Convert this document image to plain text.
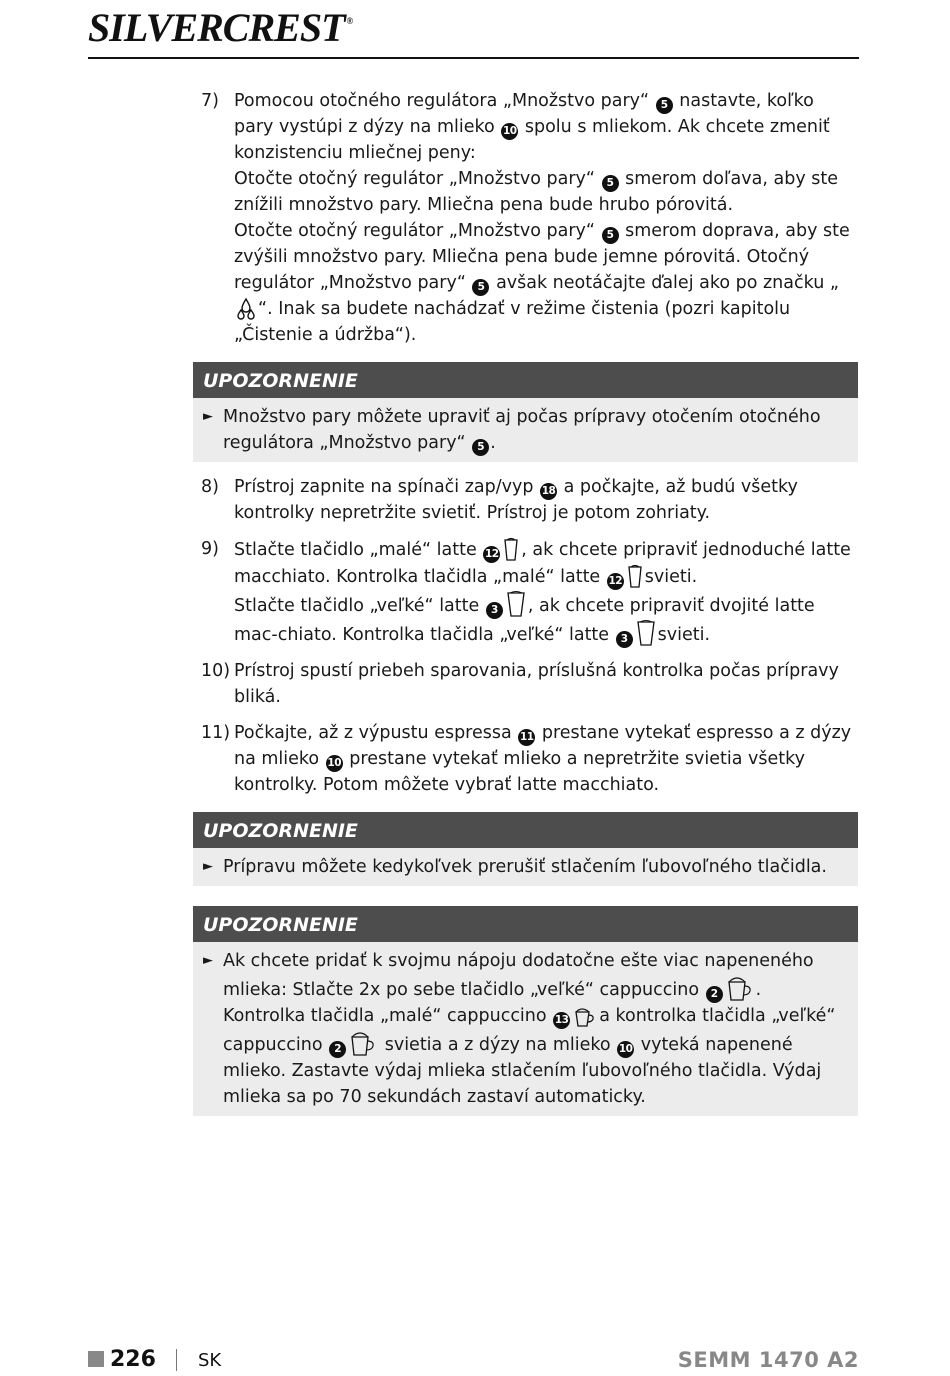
SILVERCREST ®
7) Pomocou otočného regulátora „Množstvo pary“ 5 nastavte, koľko pary vystúpi z dýzy na mlieko 10 spolu s mliekom. Ak chcete zmeniť konzistenciu mliečnej peny:
Otočte otočný regulátor „Množstvo pary“ 5 smerom doľava, aby ste znížili množstvo pary. Mliečna pena bude hrubo pórovitá.
Otočte otočný regulátor „Množstvo pary“ 5 smerom doprava, aby ste zvýšili množstvo pary. Mliečna pena bude jemne pórovitá. Otočný regulátor „Množstvo pary“ 5 avšak neotáčajte ďalej ako po značku „“. Inak sa budete nachádzať v režime čistenia (pozri kapitolu „Čistenie a údržba“).

UPOZORNENIE
► Množstvo pary môžete upraviť aj počas prípravy otočením otočného regulátora „Množstvo pary“ 5 .
8) Prístroj zapnite na spínači zap/vyp 18 a počkajte, až budú všetky kontrolky nepretržite svietiť. Prístroj je potom zohriaty.

9) Stlačte tlačidlo „malé“ latte 12 , ak chcete pripraviť jednoduché latte macchiato. Kontrolka tlačidla „malé“ latte 12 svieti.
Stlačte tlačidlo „veľké“ latte 3 , ak chcete pripraviť dvojité latte mac-chiato. Kontrolka tlačidla „veľké“ latte 3 svieti.

10) Prístroj spustí priebeh sparovania, príslušná kontrolka počas prípravy bliká.

11) Počkajte, až z výpustu espressa 11 prestane vytekať espresso a z dýzy na mlieko 10 prestane vytekať mlieko a nepretržite svietia všetky kontrolky. Potom môžete vybrať latte macchiato.

UPOZORNENIE
► Prípravu môžete kedykoľvek prerušiť stlačením ľubovoľného tlačidla.
UPOZORNENIE
► Ak chcete pridať k svojmu nápoju dodatočne ešte viac napeneného mlieka: Stlačte 2x po sebe tlačidlo „veľké“ cappuccino 2 . Kontrolka tlačidla „malé“ cappuccino 13 a kontrolka tlačidla „veľké“ cappuccino 2 svietia a z dýzy na mlieko 10 vyteká napenené mlieko. Zastavte výdaj mlieka stlačením ľubovoľného tlačidla. Výdaj mlieka sa po 70 sekundách zastaví automaticky.
226 SK	SEMM 1470 A2
